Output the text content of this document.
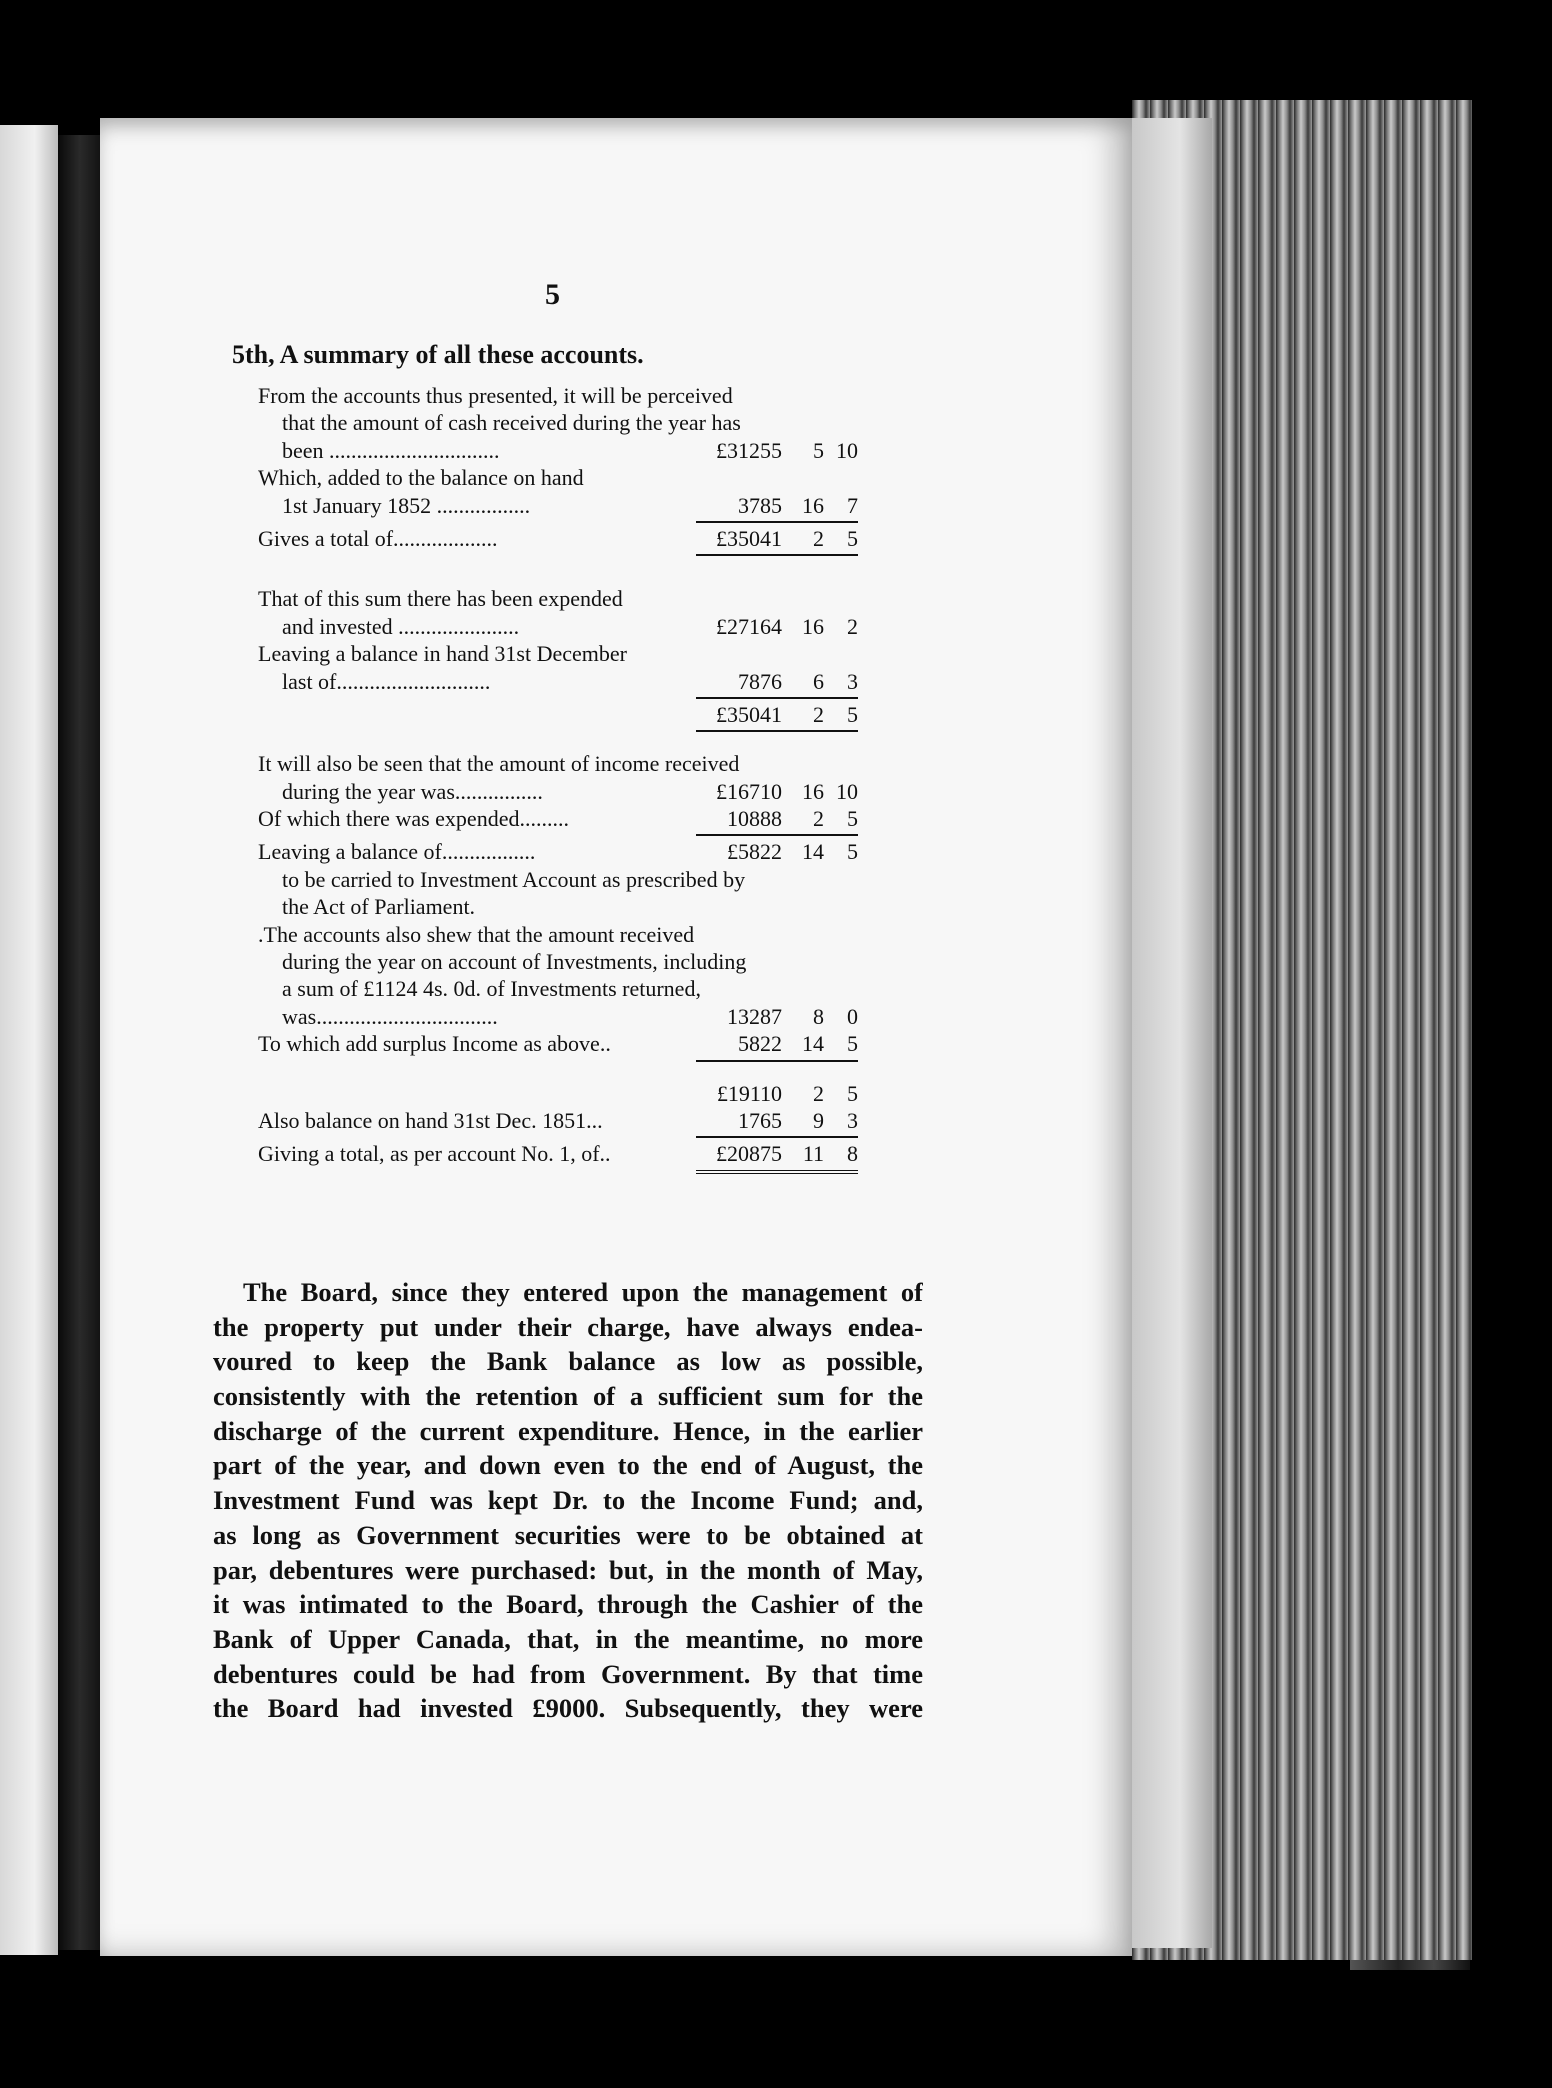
5
5th, A summary of all these accounts.
From the accounts thus presented, it will be perceived
that the amount of cash received during the year has
been ...............................	£31255	5 10
Which, added to the balance on hand
1st January 1852 .................	3785 16	7
Gives a total of...................	£35041	2	5
That of this sum there has been expended
and invested ......................	£27164 16	2
Leaving a balance in hand 31st December
last of............................	7876	6	3
£35041	2	5
It will also be seen that the amount of income received
during the year was................	£16710 16 10
Of which there was expended.........	10888	2	5
Leaving a balance of.................	£5822 14	5
to be carried to Investment Account as prescribed by
the Act of Parliament.
.The accounts also shew that the amount received
during the year on account of Investments, including
a sum of £1124 4s. 0d. of Investments returned,
was.................................	13287	8	0
To which add surplus Income as above..	5822 14	5
£19110	2	5
Also balance on hand 31st Dec. 1851...	1765	9	3
Giving a total, as per account No. 1, of..	£20875 11	8
The Board, since they entered upon the management of
the property put under their charge, have always endea-
voured to keep the Bank balance as low as possible,
consistently with the retention of a sufficient sum for the
discharge of the current expenditure. Hence, in the earlier
part of the year, and down even to the end of August, the
Investment Fund was kept Dr. to the Income Fund; and,
as long as Government securities were to be obtained at
par, debentures were purchased: but, in the month of May,
it was intimated to the Board, through the Cashier of the
Bank of Upper Canada, that, in the meantime, no more
debentures could be had from Government. By that time
the Board had invested £9000. Subsequently, they were
